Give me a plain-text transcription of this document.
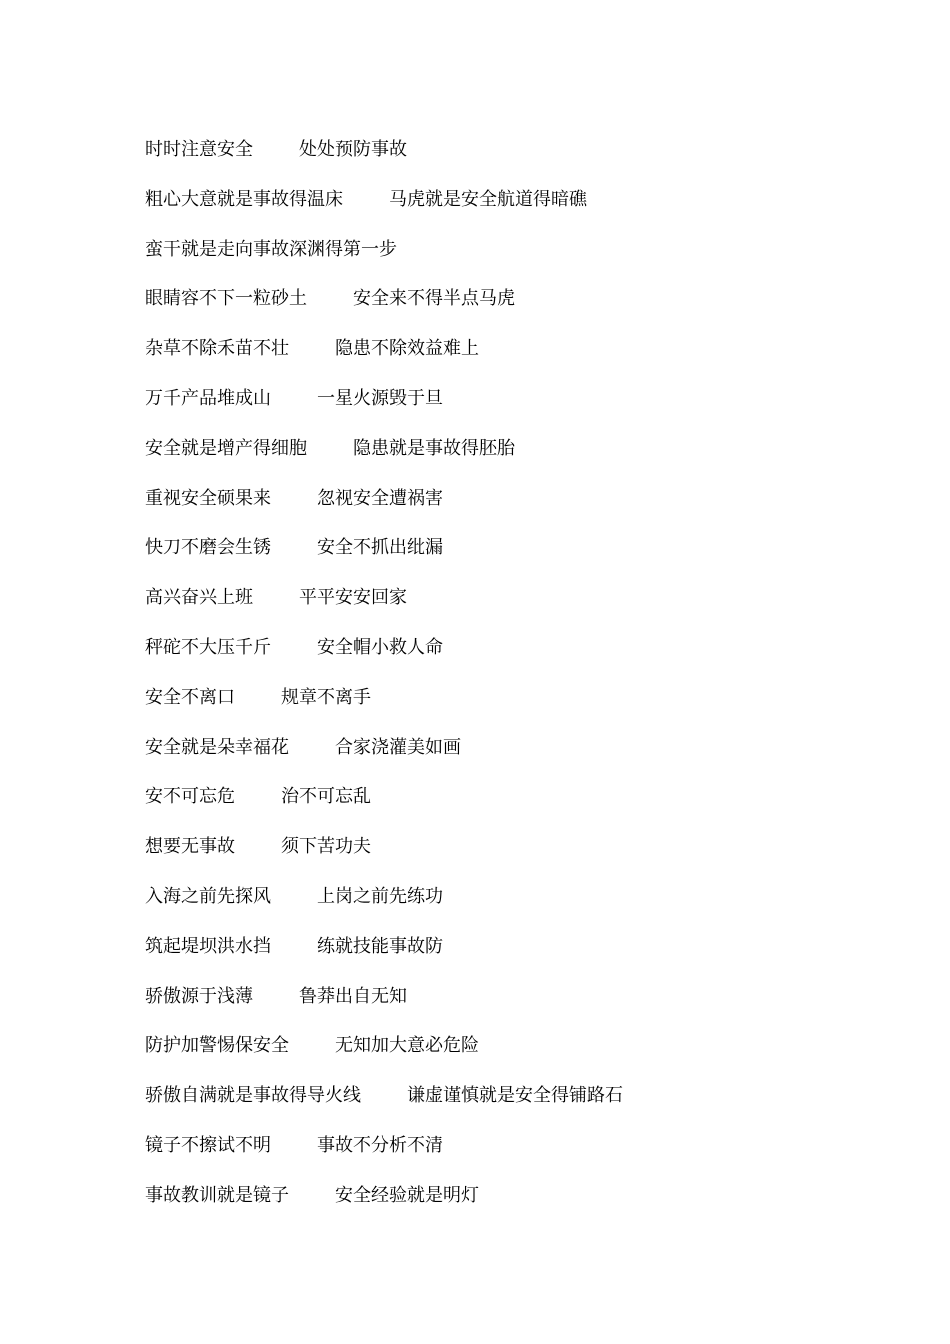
时时注意安全	处处预防事故
粗心大意就是事故得温床	马虎就是安全航道得暗礁
蛮干就是走向事故深渊得第一步
眼睛容不下一粒砂土	安全来不得半点马虎
杂草不除禾苗不壮	隐患不除效益难上
万千产品堆成山	一星火源毁于旦
安全就是增产得细胞	隐患就是事故得胚胎
重视安全硕果来	忽视安全遭祸害
快刀不磨会生锈	安全不抓出纰漏
高兴奋兴上班	平平安安回家
秤砣不大压千斤	安全帽小救人命
安全不离口	规章不离手
安全就是朵幸福花	合家浇灌美如画
安不可忘危	治不可忘乱
想要无事故	须下苦功夫
入海之前先探风	上岗之前先练功
筑起堤坝洪水挡	练就技能事故防
骄傲源于浅薄	鲁莽出自无知
防护加警惕保安全	无知加大意必危险
骄傲自满就是事故得导火线	谦虚谨慎就是安全得铺路石
镜子不擦试不明	事故不分析不清
事故教训就是镜子	安全经验就是明灯
